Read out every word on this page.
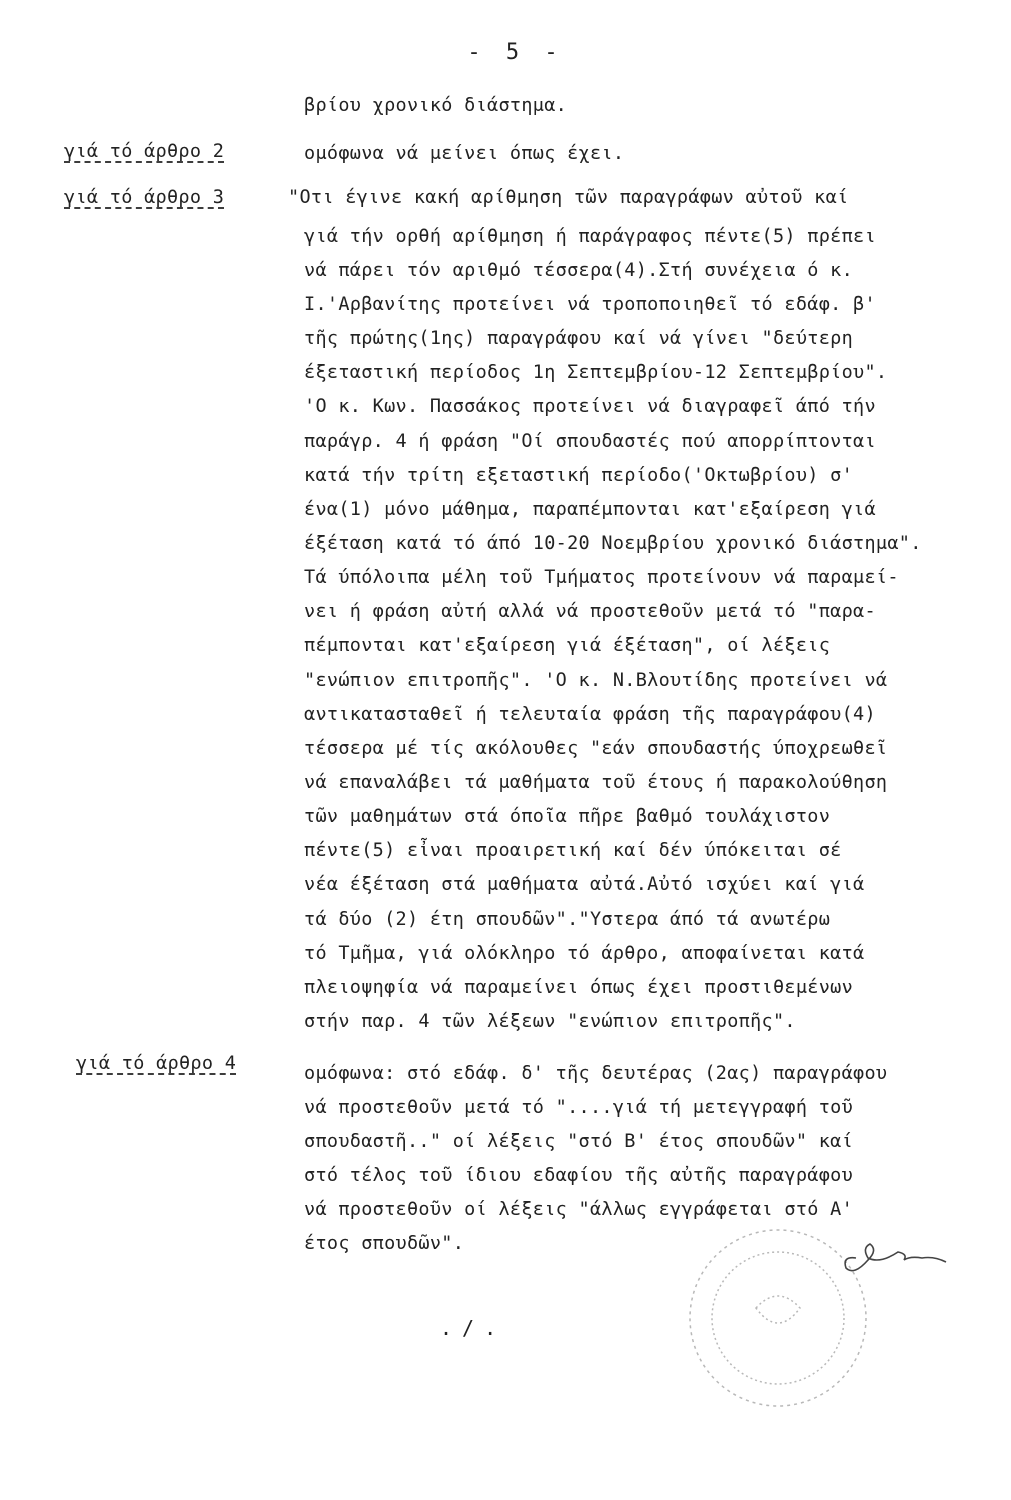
- 5 -
γιά τό άρθρο 2
γιά τό άρθρο 3
γιά τό άρθρο 4
βρίου χρονικό διάστημα.
ομόφωνα νά μείνει όπως έχει.
"Οτι έγινε κακή αρίθμηση τῶν παραγράφων αὐτοῦ καί
γιά τήν ορθή αρίθμηση ή παράγραφος πέντε(5) πρέπει
νά πάρει τόν αριθμό τέσσερα(4).Στή συνέχεια ό κ.
Ι.'Αρβανίτης προτείνει νά τροποποιηθεῖ τό εδάφ. β'
τῆς πρώτης(1ης) παραγράφου καί νά γίνει "δεύτερη
έξεταστική περίοδος 1η Σεπτεμβρίου-12 Σεπτεμβρίου".
'Ο κ. Κων. Πασσάκος προτείνει νά διαγραφεῖ άπό τήν
παράγρ. 4 ή φράση "Οί σπουδαστές πού απορρίπτονται
κατά τήν τρίτη εξεταστική περίοδο('Οκτωβρίου) σ'
ένα(1) μόνο μάθημα, παραπέμπονται κατ'εξαίρεση γιά
έξέταση κατά τό άπό 10-20 Νοεμβρίου χρονικό διάστημα".
Τά ύπόλοιπα μέλη τοῦ Τμήματος προτείνουν νά παραμεί-
νει ή φράση αὐτή αλλά νά προστεθοῦν μετά τό "παρα-
πέμπονται κατ'εξαίρεση γιά έξέταση", οί λέξεις
"ενώπιον επιτροπῆς". 'Ο κ. Ν.Βλουτίδης προτείνει νά
αντικατασταθεῖ ή τελευταία φράση τῆς παραγράφου(4)
τέσσερα μέ τίς ακόλουθες "εάν σπουδαστής ύποχρεωθεῖ
νά επαναλάβει τά μαθήματα τοῦ έτους ή παρακολούθηση
τῶν μαθημάτων στά όποῖα πῆρε βαθμό τουλάχιστον
πέντε(5) εἶναι προαιρετική καί δέν ύπόκειται σέ
νέα έξέταση στά μαθήματα αὐτά.Αὐτό ισχύει καί γιά
τά δύο (2) έτη σπουδῶν"."Υστερα άπό τά ανωτέρω
τό Τμῆμα, γιά ολόκληρο τό άρθρο, αποφαίνεται κατά
πλειοψηφία νά παραμείνει όπως έχει προστιθεμένων
στήν παρ. 4 τῶν λέξεων "ενώπιον επιτροπῆς".
ομόφωνα: στό εδάφ. δ' τῆς δευτέρας (2ας) παραγράφου
νά προστεθοῦν μετά τό "....γιά τή μετεγγραφή τοῦ
σπουδαστῆ.." οί λέξεις "στό Β' έτος σπουδῶν" καί
στό τέλος τοῦ ίδιου εδαφίου τῆς αὐτῆς παραγράφου
νά προστεθοῦν οί λέξεις "άλλως εγγράφεται στό Α'
έτος σπουδῶν".
./.
